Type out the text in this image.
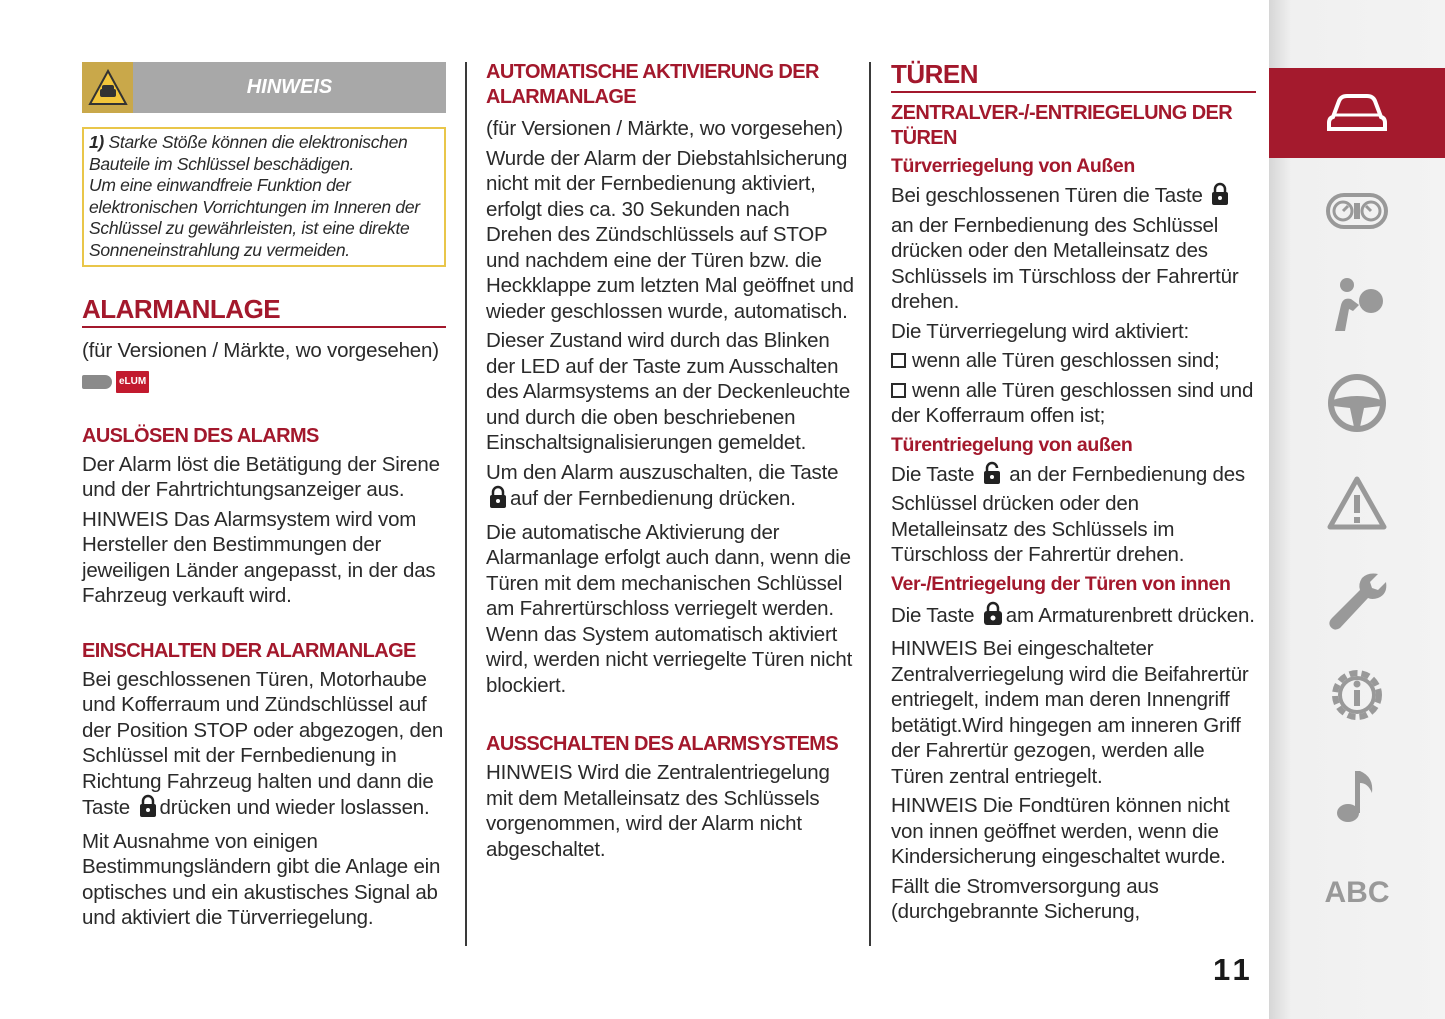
HINWEIS

1) Starke Stöße können die elektronischen

Bauteile im Schlüssel beschädigen.

Um eine einwandfreie Funktion der

elektronischen Vorrichtungen im Inneren der

Schlüssel zu gewährleisten, ist eine direkte

Sonneneinstrahlung zu vermeiden.

ALARMANLAGE

(für Versionen / Märkte, wo vorgesehen)

eLUM
AUSLÖSEN DES ALARMS

Der Alarm löst die Betätigung der Sirene und der Fahrtrichtungsanzeiger aus.

HINWEIS Das Alarmsystem wird vom Hersteller den Bestimmungen der jeweiligen Länder angepasst, in der das Fahrzeug verkauft wird.

EINSCHALTEN DER ALARMANLAGE

Bei geschlossenen Türen, Motorhaube und Kofferraum und Zündschlüssel auf der Position STOP oder abgezogen, den Schlüssel mit der Fernbedienung in Richtung Fahrzeug halten und dann die Taste drücken und wieder loslassen.

Mit Ausnahme von einigen Bestimmungsländern gibt die Anlage ein optisches und ein akustisches Signal ab und aktiviert die Türverriegelung.

AUTOMATISCHE AKTIVIERUNG DER ALARMANLAGE

(für Versionen / Märkte, wo vorgesehen)

Wurde der Alarm der Diebstahlsicherung nicht mit der Fernbedienung aktiviert, erfolgt dies ca. 30 Sekunden nach Drehen des Zündschlüssels auf STOP und nachdem eine der Türen bzw. die Heckklappe zum letzten Mal geöffnet und wieder geschlossen wurde, automatisch.

Dieser Zustand wird durch das Blinken der LED auf der Taste zum Ausschalten des Alarmsystems an der Deckenleuchte und durch die oben beschriebenen Einschaltsignalisierungen gemeldet.

Um den Alarm auszuschalten, die Taste auf der Fernbedienung drücken.

Die automatische Aktivierung der Alarmanlage erfolgt auch dann, wenn die Türen mit dem mechanischen Schlüssel am Fahrertürschloss verriegelt werden. Wenn das System automatisch aktiviert wird, werden nicht verriegelte Türen nicht blockiert.

AUSSCHALTEN DES ALARMSYSTEMS

HINWEIS Wird die Zentralentriegelung mit dem Metalleinsatz des Schlüssels vorgenommen, wird der Alarm nicht abgeschaltet.

TÜREN
ZENTRALVER-/-ENTRIEGELUNG DER TÜREN
Türverriegelung von Außen

Bei geschlossenen Türen die Taste  an der Fernbedienung des Schlüssel drücken oder den Metalleinsatz des Schlüssels im Türschloss der Fahrertür drehen.

Die Türverriegelung wird aktiviert:

wenn alle Türen geschlossen sind;

wenn alle Türen geschlossen sind und der Kofferraum offen ist;

Türentriegelung von außen

Die Taste an der Fernbedienung des Schlüssel drücken oder den Metalleinsatz des Schlüssels im Türschloss der Fahrertür drehen.

Ver-/Entriegelung der Türen von innen

Die Taste am Armaturenbrett drücken.

HINWEIS Bei eingeschalteter Zentralverriegelung wird die Beifahrertür entriegelt, indem man deren Innengriff betätigt.Wird hingegen am inneren Griff der Fahrertür gezogen, werden alle Türen zentral entriegelt.

HINWEIS Die Fondtüren können nicht von innen geöffnet werden, wenn die Kindersicherung eingeschaltet wurde.

Fällt die Stromversorgung aus (durchgebrannte Sicherung,

11
ABC
